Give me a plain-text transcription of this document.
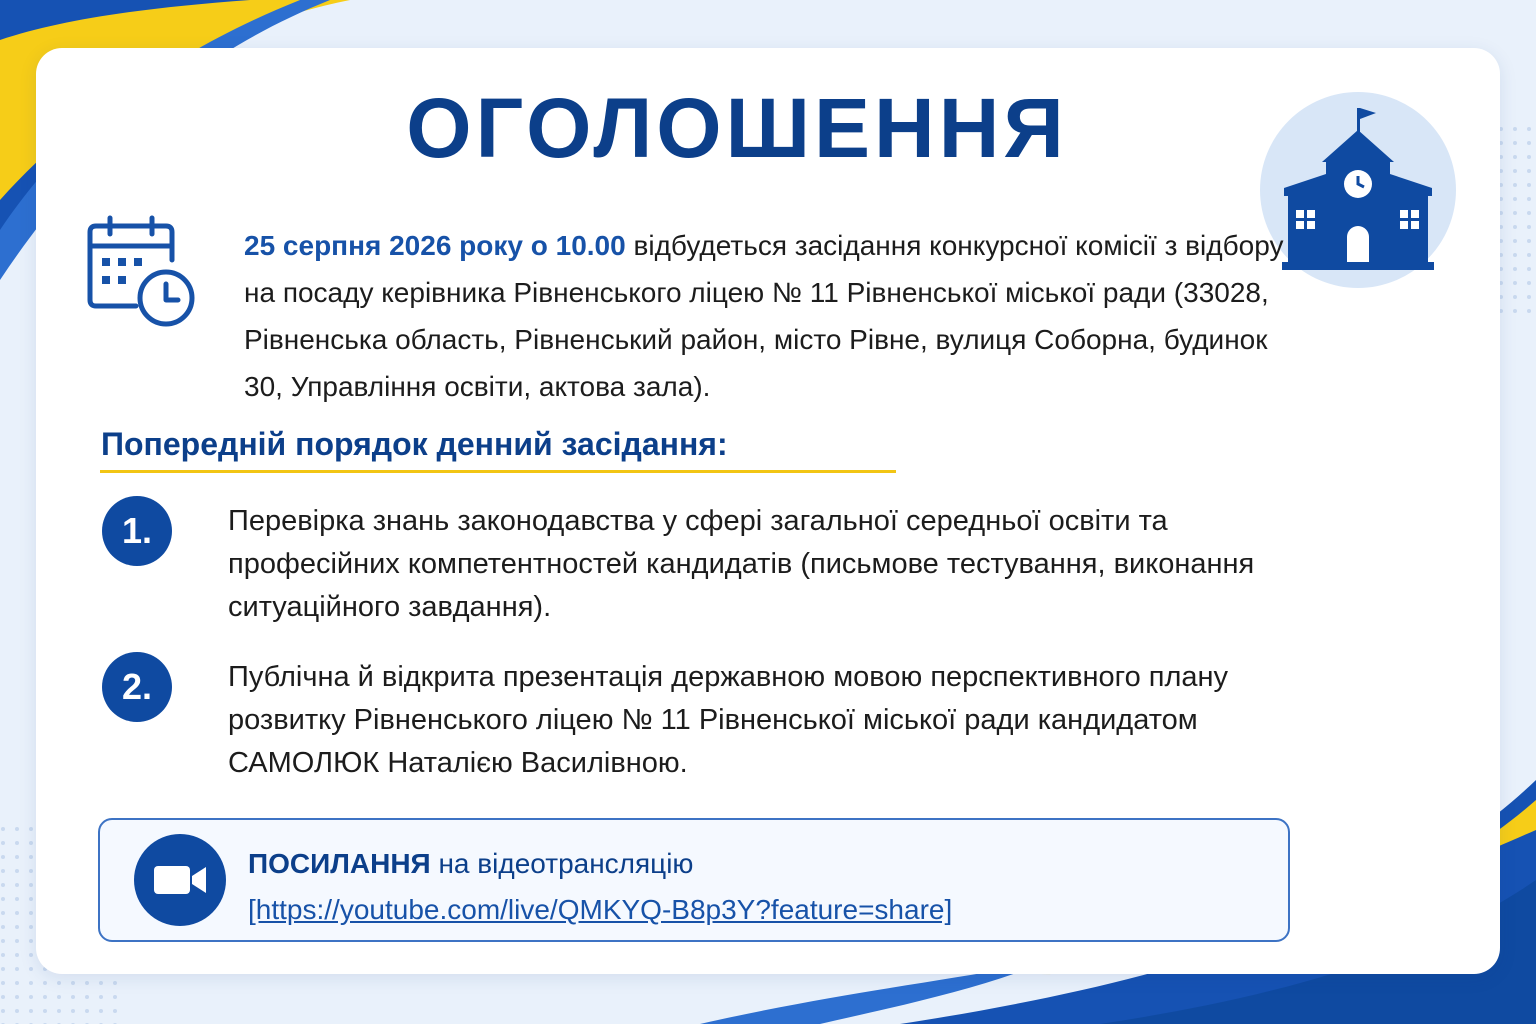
ОГОЛОШЕННЯ

25 серпня 2026 року о 10.00 відбудеться засідання конкурсної комісії з відбору на посаду керівника Рівненського ліцею № 11 Рівненської міської ради (33028, Рівненська область, Рівненський район, місто Рівне, вулиця Соборна, будинок 30, Управління освіти, актова зала).

Попередній порядок денний засідання:
1.	Перевірка знань законодавства у сфері загальної середньої освіти та професійних компетентностей кандидатів (письмове тестування, виконання ситуаційного завдання).

2.	Публічна й відкрита презентація державною мовою перспективного плану розвитку Рівненського ліцею № 11 Рівненської міської ради кандидатом САМОЛЮК Наталією Василівною.

ПОСИЛАННЯ на відеотрансляцію

[https://youtube.com/live/QMKYQ-B8p3Y?feature=share]
